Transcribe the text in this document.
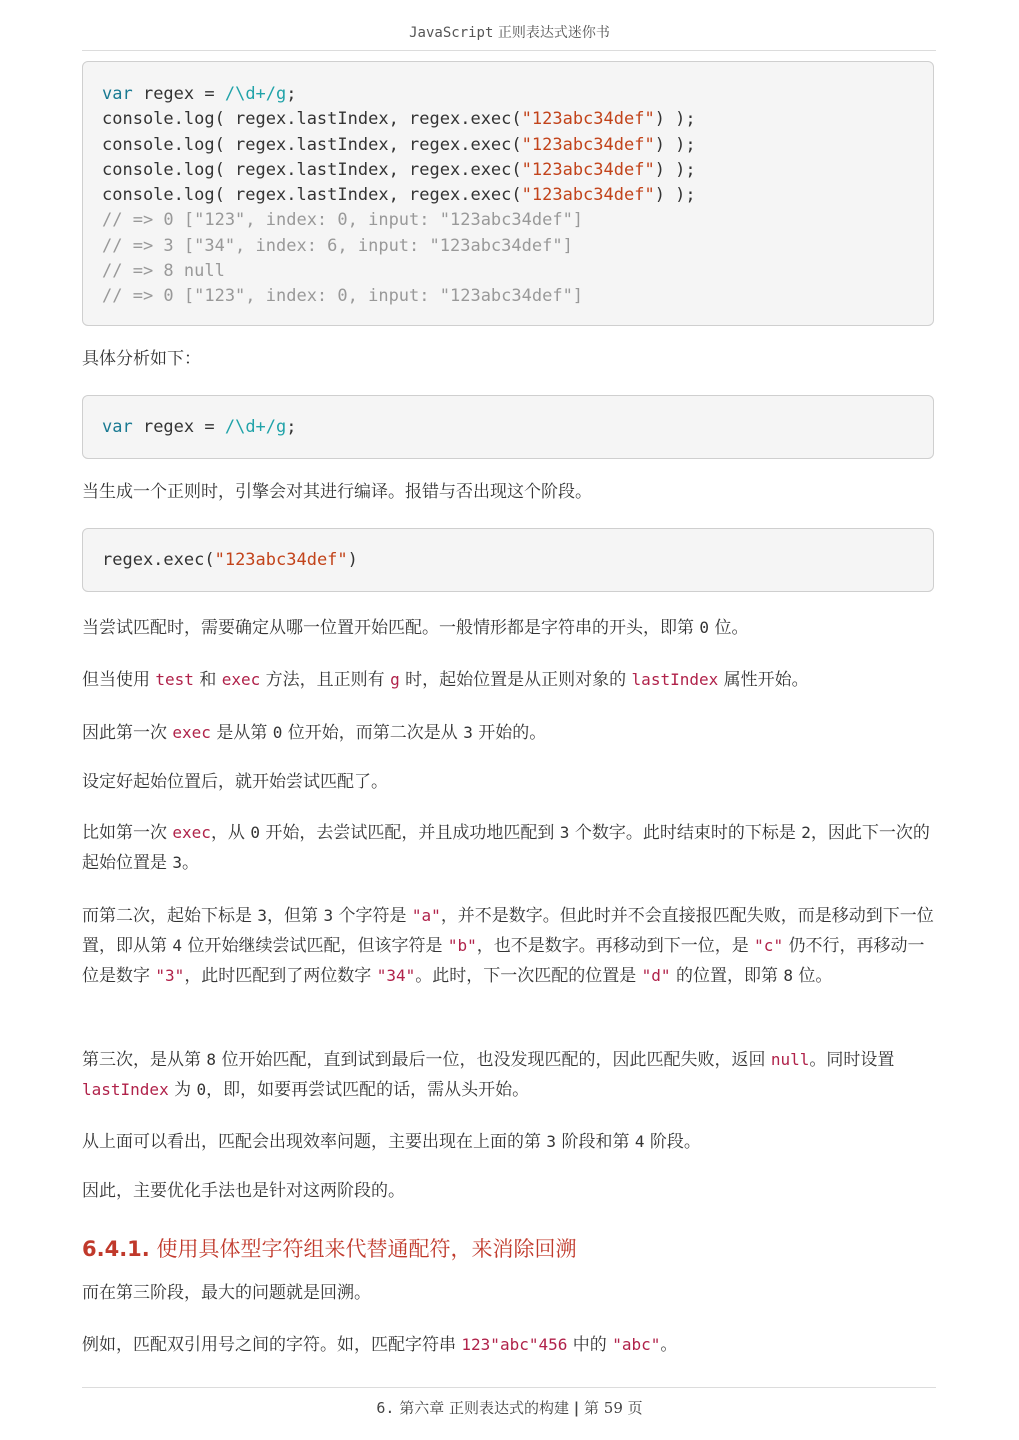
JavaScript 正则表达式迷你书
var regex = /\d+/g;
console.log( regex.lastIndex, regex.exec("123abc34def") );
console.log( regex.lastIndex, regex.exec("123abc34def") );
console.log( regex.lastIndex, regex.exec("123abc34def") );
console.log( regex.lastIndex, regex.exec("123abc34def") );
// => 0 ["123", index: 0, input: "123abc34def"]
// => 3 ["34", index: 6, input: "123abc34def"]
// => 8 null
// => 0 ["123", index: 0, input: "123abc34def"]
具体分析如下：
var regex = /\d+/g;
当生成一个正则时，引擎会对其进行编译。报错与否出现这个阶段。
regex.exec("123abc34def")
当尝试匹配时，需要确定从哪一位置开始匹配。一般情形都是字符串的开头，即第 0 位。
但当使用 test 和 exec 方法，且正则有 g 时，起始位置是从正则对象的 lastIndex 属性开始。
因此第一次 exec 是从第 0 位开始，而第二次是从 3 开始的。
设定好起始位置后，就开始尝试匹配了。
比如第一次 exec，从 0 开始，去尝试匹配，并且成功地匹配到 3 个数字。此时结束时的下标是 2，因此下一次的起始位置是 3。
而第二次，起始下标是 3，但第 3 个字符是 "a"，并不是数字。但此时并不会直接报匹配失败，而是移动到下一位置，即从第 4 位开始继续尝试匹配，但该字符是 "b"，也不是数字。再移动到下一位，是 "c" 仍不行，再移动一位是数字 "3"，此时匹配到了两位数字 "34"。此时，下一次匹配的位置是 "d" 的位置，即第 8 位。
第三次，是从第 8 位开始匹配，直到试到最后一位，也没发现匹配的，因此匹配失败，返回 null。同时设置 lastIndex 为 0，即，如要再尝试匹配的话，需从头开始。
从上面可以看出，匹配会出现效率问题，主要出现在上面的第 3 阶段和第 4 阶段。
因此，主要优化手法也是针对这两阶段的。
6.4.1. 使用具体型字符组来代替通配符，来消除回溯
而在第三阶段，最大的问题就是回溯。
例如，匹配双引用号之间的字符。如，匹配字符串 123"abc"456 中的 "abc"。
6. 第六章 正则表达式的构建 | 第 59 页
